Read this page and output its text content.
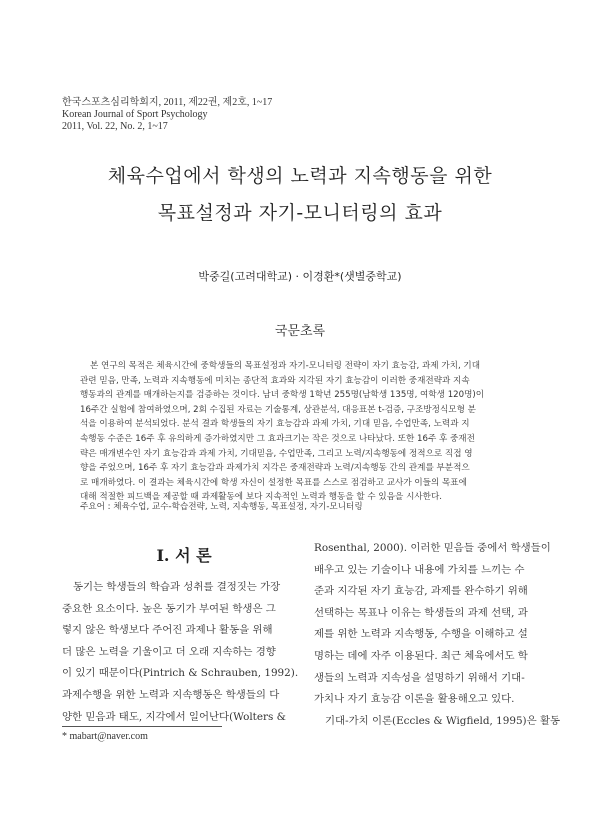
한국스포츠심리학회지, 2011, 제22권, 제2호, 1~17
Korean Journal of Sport Psychology
2011, Vol. 22, No. 2, 1~17
체육수업에서 학생의 노력과 지속행동을 위한
목표설정과 자기-모니터링의 효과
박중길(고려대학교) · 이경환*(샛별중학교)
국문초록
본 연구의 목적은 체육시간에 중학생들의 목표설정과 자기-모니터링 전략이 자기 효능감, 과제 가치, 기대
관련 믿음, 만족, 노력과 지속행동에 미치는 종단적 효과와 지각된 자기 효능감이 이러한 중재전략과 지속
행동과의 관계를 매개하는지를 검증하는 것이다. 남녀 중학생 1학년 255명(남학생 135명, 여학생 120명)이
16주간 실험에 참여하였으며, 2회 수집된 자료는 기술통계, 상관분석, 대응표본 t-검증, 구조방정식모형 분
석을 이용하여 분석되었다. 분석 결과 학생들의 자기 효능감과 과제 가치, 기대 믿음, 수업만족, 노력과 지
속행동 수준은 16주 후 유의하게 증가하였지만 그 효과크기는 작은 것으로 나타났다. 또한 16주 후 중재전
략은 매개변수인 자기 효능감과 과제 가치, 기대믿음, 수업만족, 그리고 노력/지속행동에 정적으로 직접 영
향을 주었으며, 16주 후 자기 효능감과 과제가치 지각은 중재전략과 노력/지속행동 간의 관계를 부분적으
로 매개하였다. 이 결과는 체육시간에 학생 자신이 설정한 목표를 스스로 점검하고 교사가 이들의 목표에
대해 적절한 피드백을 제공할 때 과제활동에 보다 지속적인 노력과 행동을 할 수 있음을 시사한다.
주요어 : 체육수업, 교수-학습전략, 노력, 지속행동, 목표설정, 자기-모니터링
I. 서 론
동기는 학생들의 학습과 성취를 결정짓는 가장
중요한 요소이다. 높은 동기가 부여된 학생은 그
렇지 않은 학생보다 주어진 과제나 활동을 위해
더 많은 노력을 기울이고 더 오래 지속하는 경향
이 있기 때문이다(Pintrich & Schrauben, 1992).
과제수행을 위한 노력과 지속행동은 학생들의 다
양한 믿음과 태도, 지각에서 일어난다(Wolters &
Rosenthal, 2000). 이러한 믿음들 중에서 학생들이
배우고 있는 기술이나 내용에 가치를 느끼는 수
준과 지각된 자기 효능감, 과제를 완수하기 위해
선택하는 목표나 이유는 학생들의 과제 선택, 과
제를 위한 노력과 지속행동, 수행을 이해하고 설
명하는 데에 자주 이용된다. 최근 체육에서도 학
생들의 노력과 지속성을 설명하기 위해서 기대-
가치나 자기 효능감 이론을 활용해오고 있다.
기대-가치 이론(Eccles & Wigfield, 1995)은 활동
* mabart@naver.com
